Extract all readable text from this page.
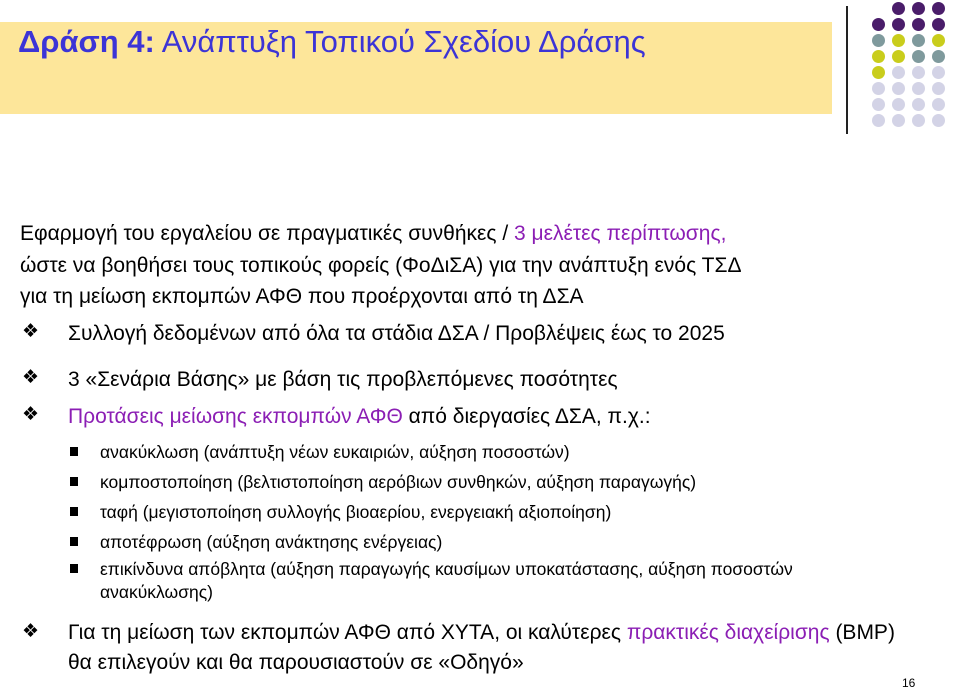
Δράση 4: Ανάπτυξη Τοπικού Σχεδίου Δράσης
Εφαρμογή του εργαλείου σε πραγματικές συνθήκες / 3 μελέτες περίπτωσης,
ώστε να βοηθήσει τους τοπικούς φορείς (ΦοΔιΣΑ) για την ανάπτυξη ενός ΤΣΔ
για τη μείωση εκπομπών ΑΦΘ που προέρχονται από τη ΔΣΑ
❖ Συλλογή δεδομένων από όλα τα στάδια ΔΣΑ / Προβλέψεις έως το 2025
❖ 3 «Σενάρια Βάσης» με βάση τις προβλεπόμενες ποσότητες
❖ Προτάσεις μείωσης εκπομπών ΑΦΘ από διεργασίες ΔΣΑ, π.χ.:
ανακύκλωση (ανάπτυξη νέων ευκαιριών, αύξηση ποσοστών)
κομποστοποίηση (βελτιστοποίηση αερόβιων συνθηκών, αύξηση παραγωγής)
ταφή (μεγιστοποίηση συλλογής βιοαερίου, ενεργειακή αξιοποίηση)
αποτέφρωση (αύξηση ανάκτησης ενέργειας)
επικίνδυνα απόβλητα (αύξηση παραγωγής καυσίμων υποκατάστασης, αύξηση ποσοστών ανακύκλωσης)
❖ Για τη μείωση των εκπομπών ΑΦΘ από ΧΥΤΑ, οι καλύτερες πρακτικές διαχείρισης (BMP) θα επιλεγούν και θα παρουσιαστούν σε «Οδηγό»
16
